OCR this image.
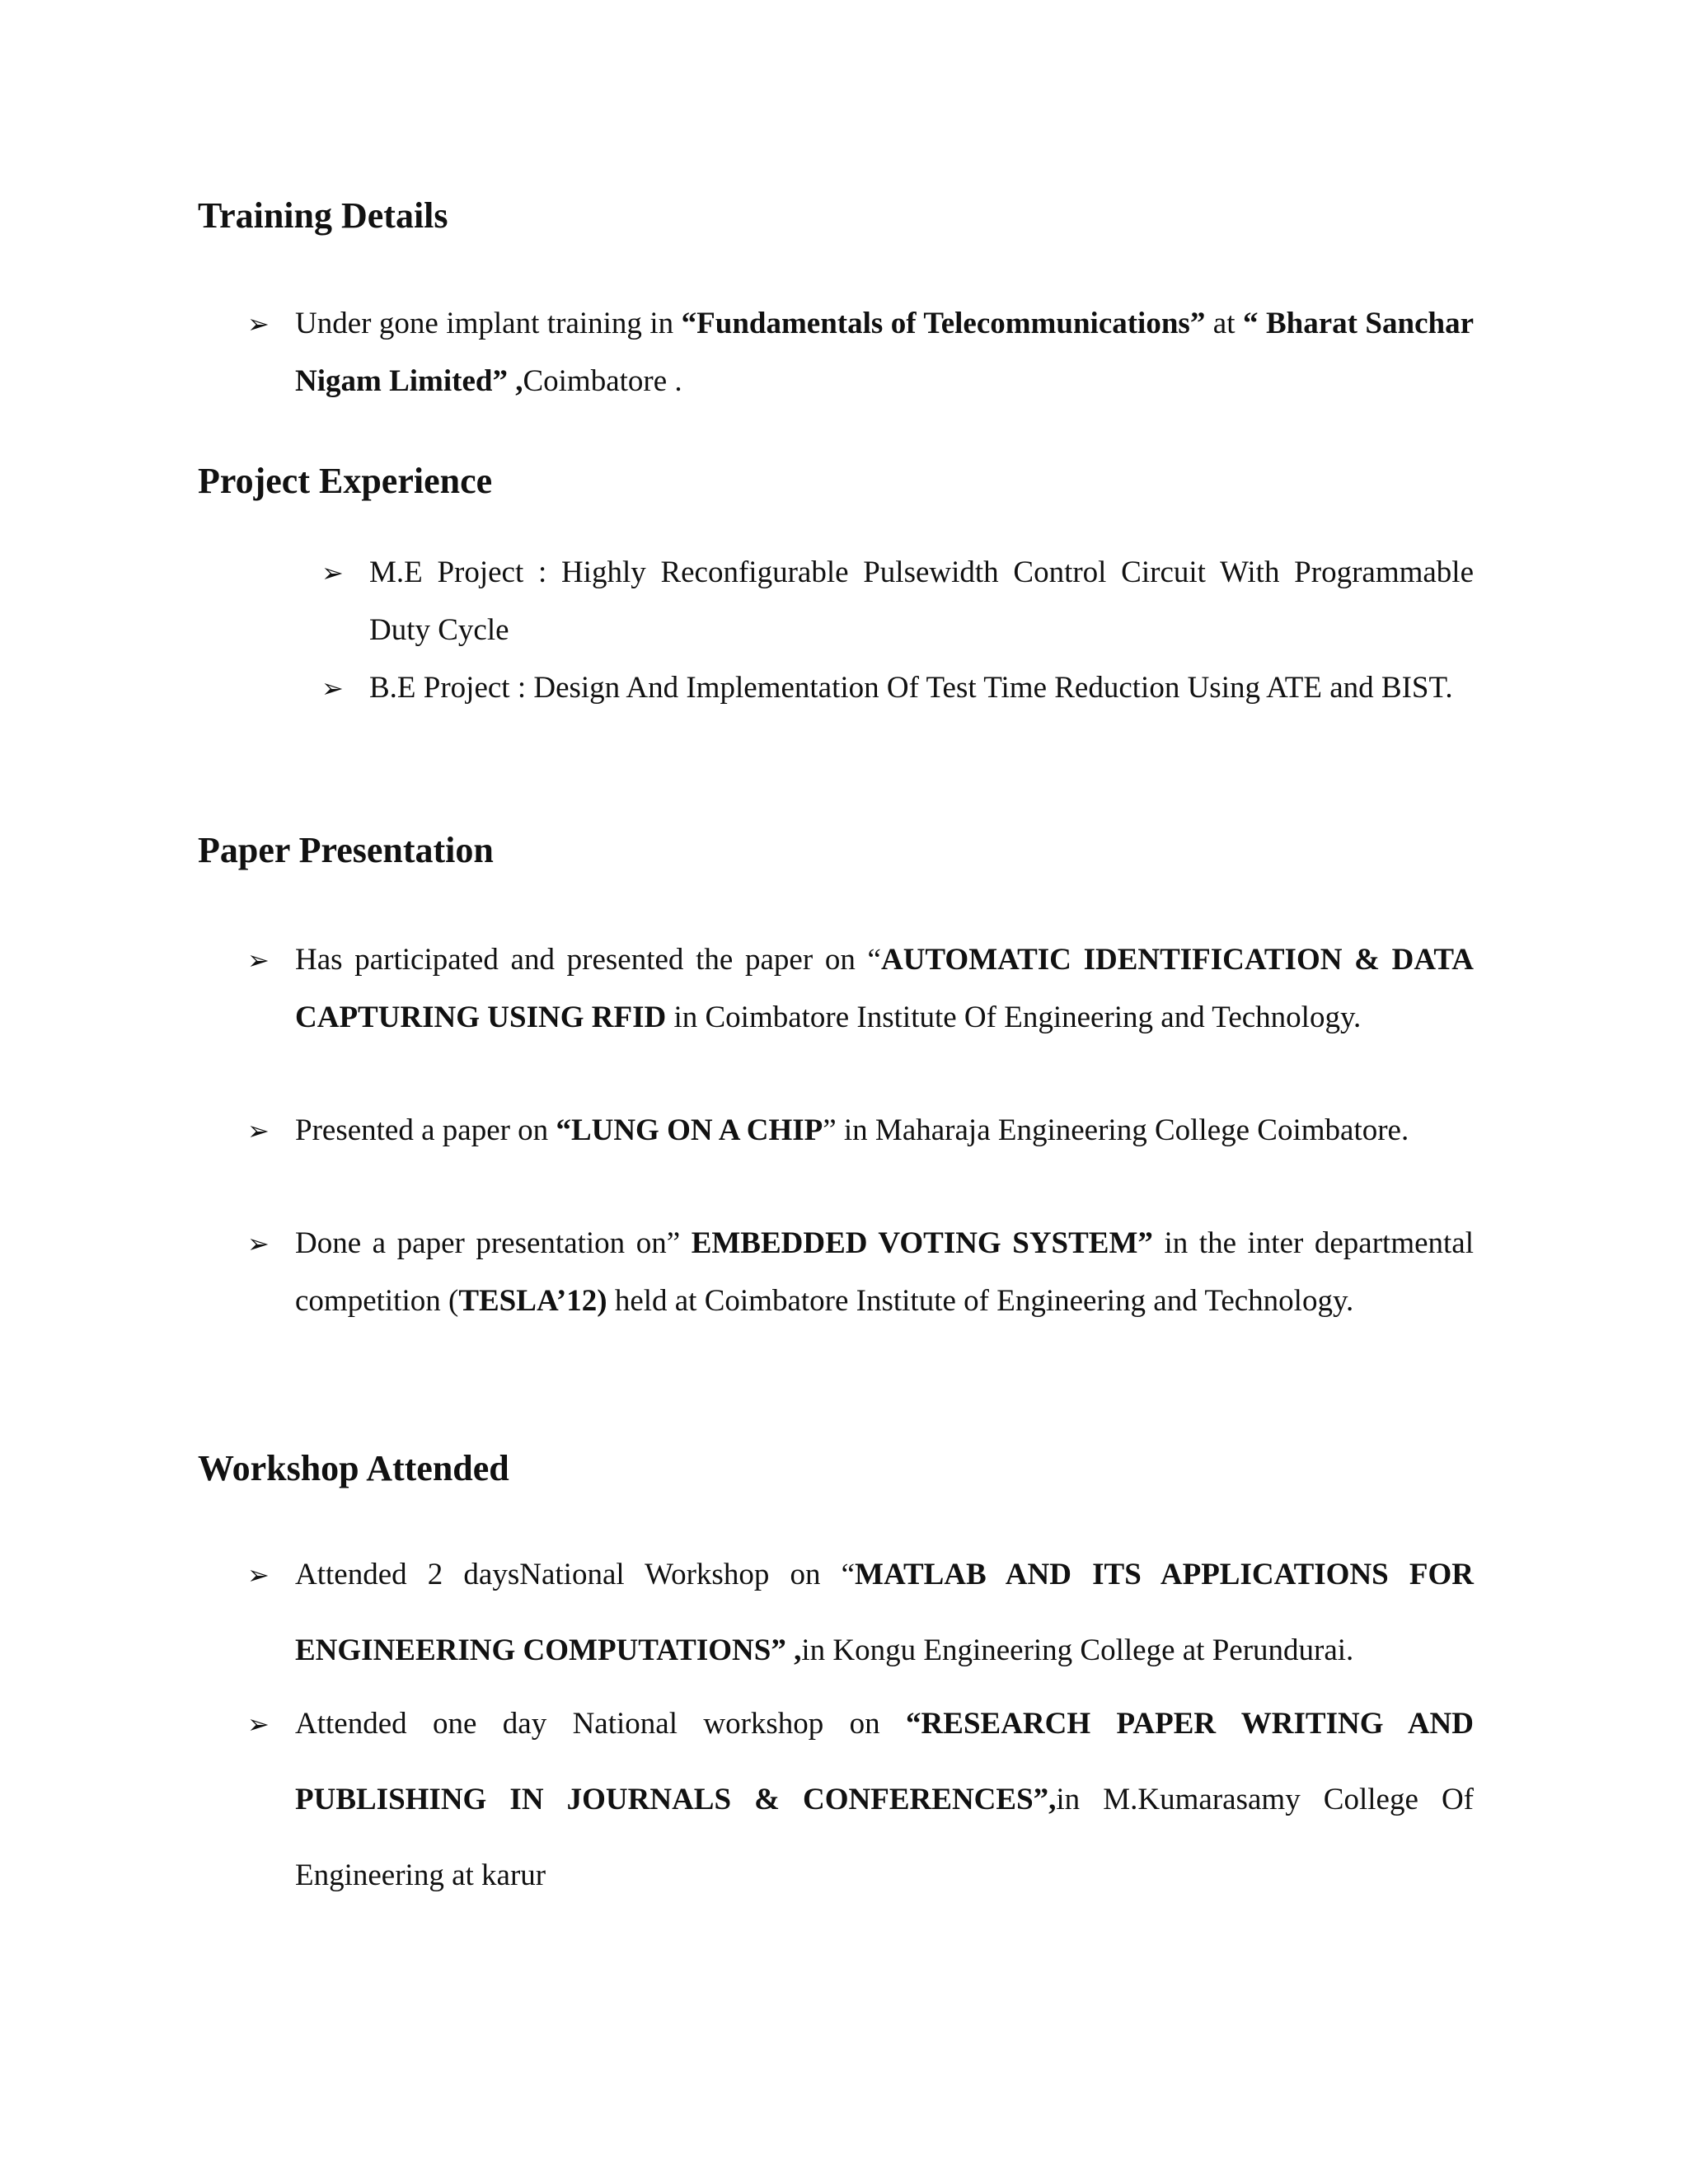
Training Details
➢ Under gone implant training in “Fundamentals of Telecommunications” at “ Bharat Sanchar Nigam Limited” ,Coimbatore .
Project Experience
➢ M.E Project : Highly Reconfigurable Pulsewidth Control Circuit With Programmable Duty Cycle
➢ B.E Project : Design And Implementation Of Test Time Reduction Using ATE and BIST.
Paper Presentation
➢ Has participated and presented the paper on “AUTOMATIC IDENTIFICATION & DATA CAPTURING USING RFID in Coimbatore Institute Of Engineering and Technology.
➢ Presented a paper on “LUNG ON A CHIP” in Maharaja Engineering College Coimbatore.
➢ Done a paper presentation on” EMBEDDED VOTING SYSTEM” in the inter departmental competition (TESLA’12) held at Coimbatore Institute of Engineering and Technology.
Workshop Attended
➢ Attended 2 daysNational Workshop on “MATLAB AND ITS APPLICATIONS FOR ENGINEERING COMPUTATIONS” ,in Kongu Engineering College at Perundurai.
➢ Attended one day National workshop on “RESEARCH PAPER WRITING AND PUBLISHING IN JOURNALS & CONFERENCES”,in M.Kumarasamy College Of Engineering at karur
